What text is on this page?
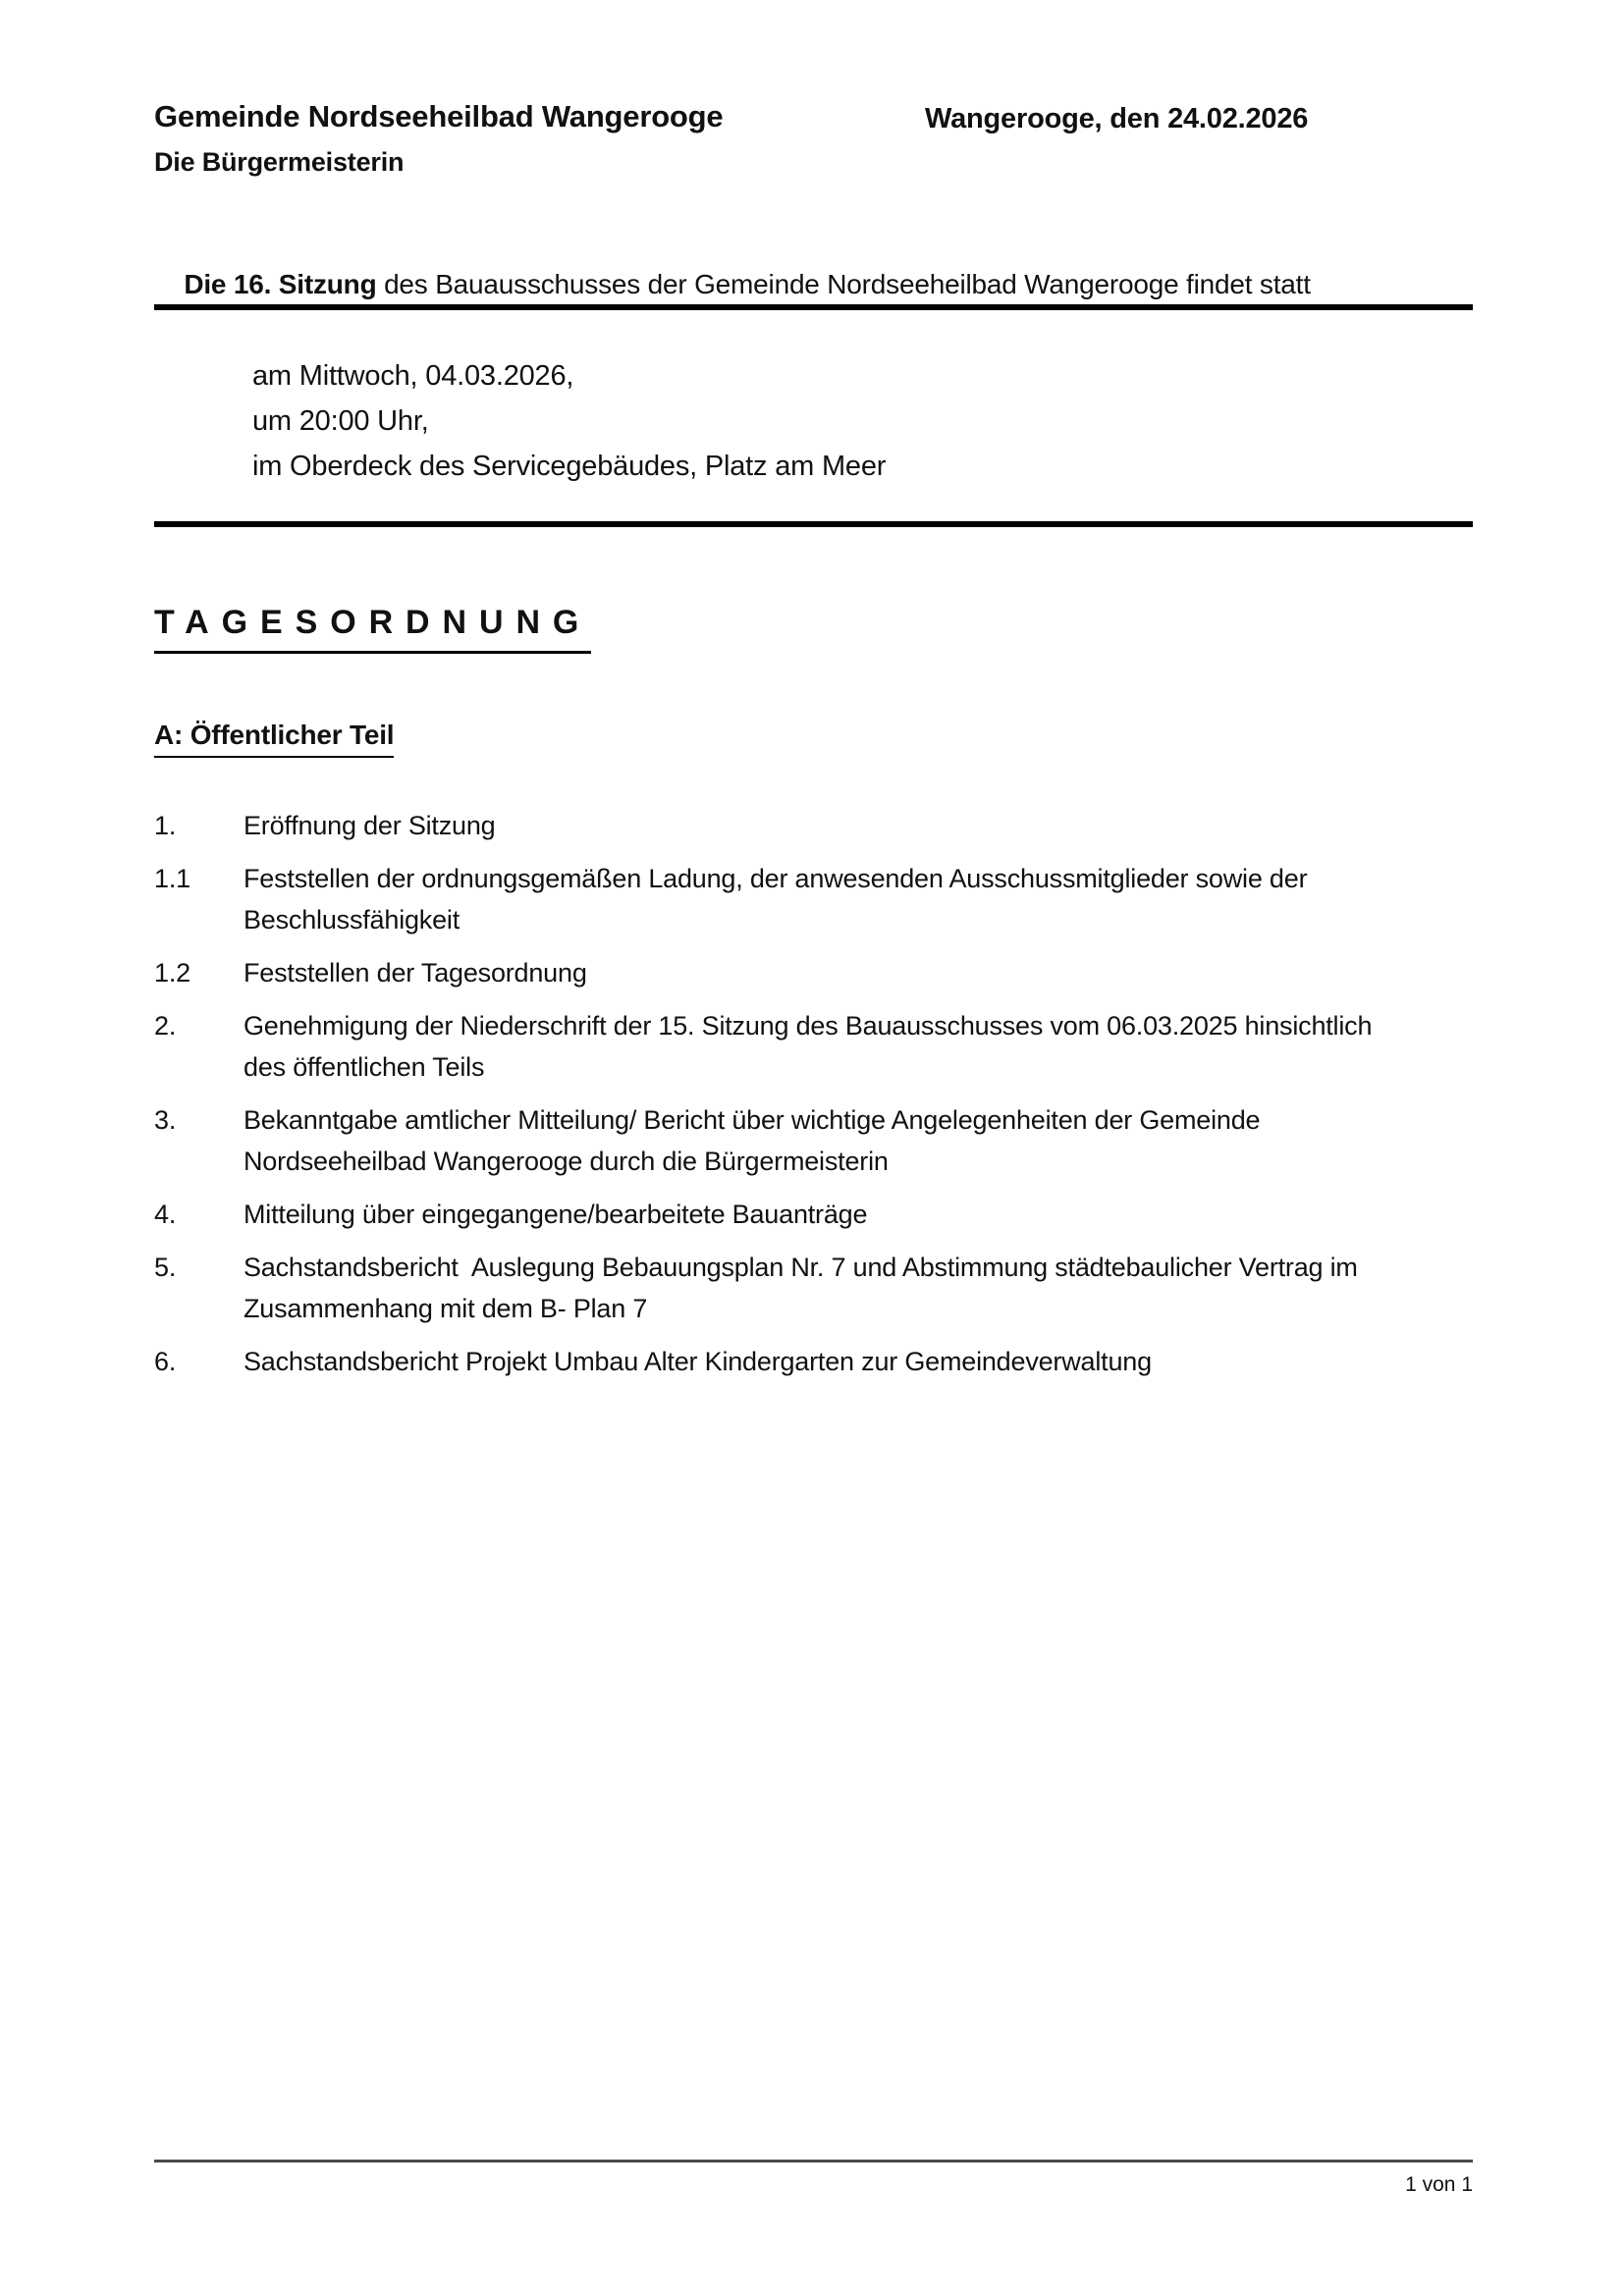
Gemeinde Nordseeheilbad Wangerooge	Wangerooge, den 24.02.2026
Die Bürgermeisterin

Die 16. Sitzung des Bauausschusses der Gemeinde Nordseeheilbad Wangerooge findet statt

am Mittwoch, 04.03.2026,
um 20:00 Uhr,
im Oberdeck des Servicegebäudes, Platz am Meer
TAGESORDNUNG
A: Öffentlicher Teil
1.	Eröffnung der Sitzung
1.1	Feststellen der ordnungsgemäßen Ladung, der anwesenden Ausschussmitglieder sowie der Beschlussfähigkeit
1.2	Feststellen der Tagesordnung
2.	Genehmigung der Niederschrift der 15. Sitzung des Bauausschusses vom 06.03.2025 hinsichtlich des öffentlichen Teils
3.	Bekanntgabe amtlicher Mitteilung/ Bericht über wichtige Angelegenheiten der Gemeinde Nordseeheilbad Wangerooge durch die Bürgermeisterin
4.	Mitteilung über eingegangene/bearbeitete Bauanträge
5.	Sachstandsbericht  Auslegung Bebauungsplan Nr. 7 und Abstimmung städtebaulicher Vertrag im Zusammenhang mit dem B- Plan 7
6.	Sachstandsbericht Projekt Umbau Alter Kindergarten zur Gemeindeverwaltung
1 von 1
